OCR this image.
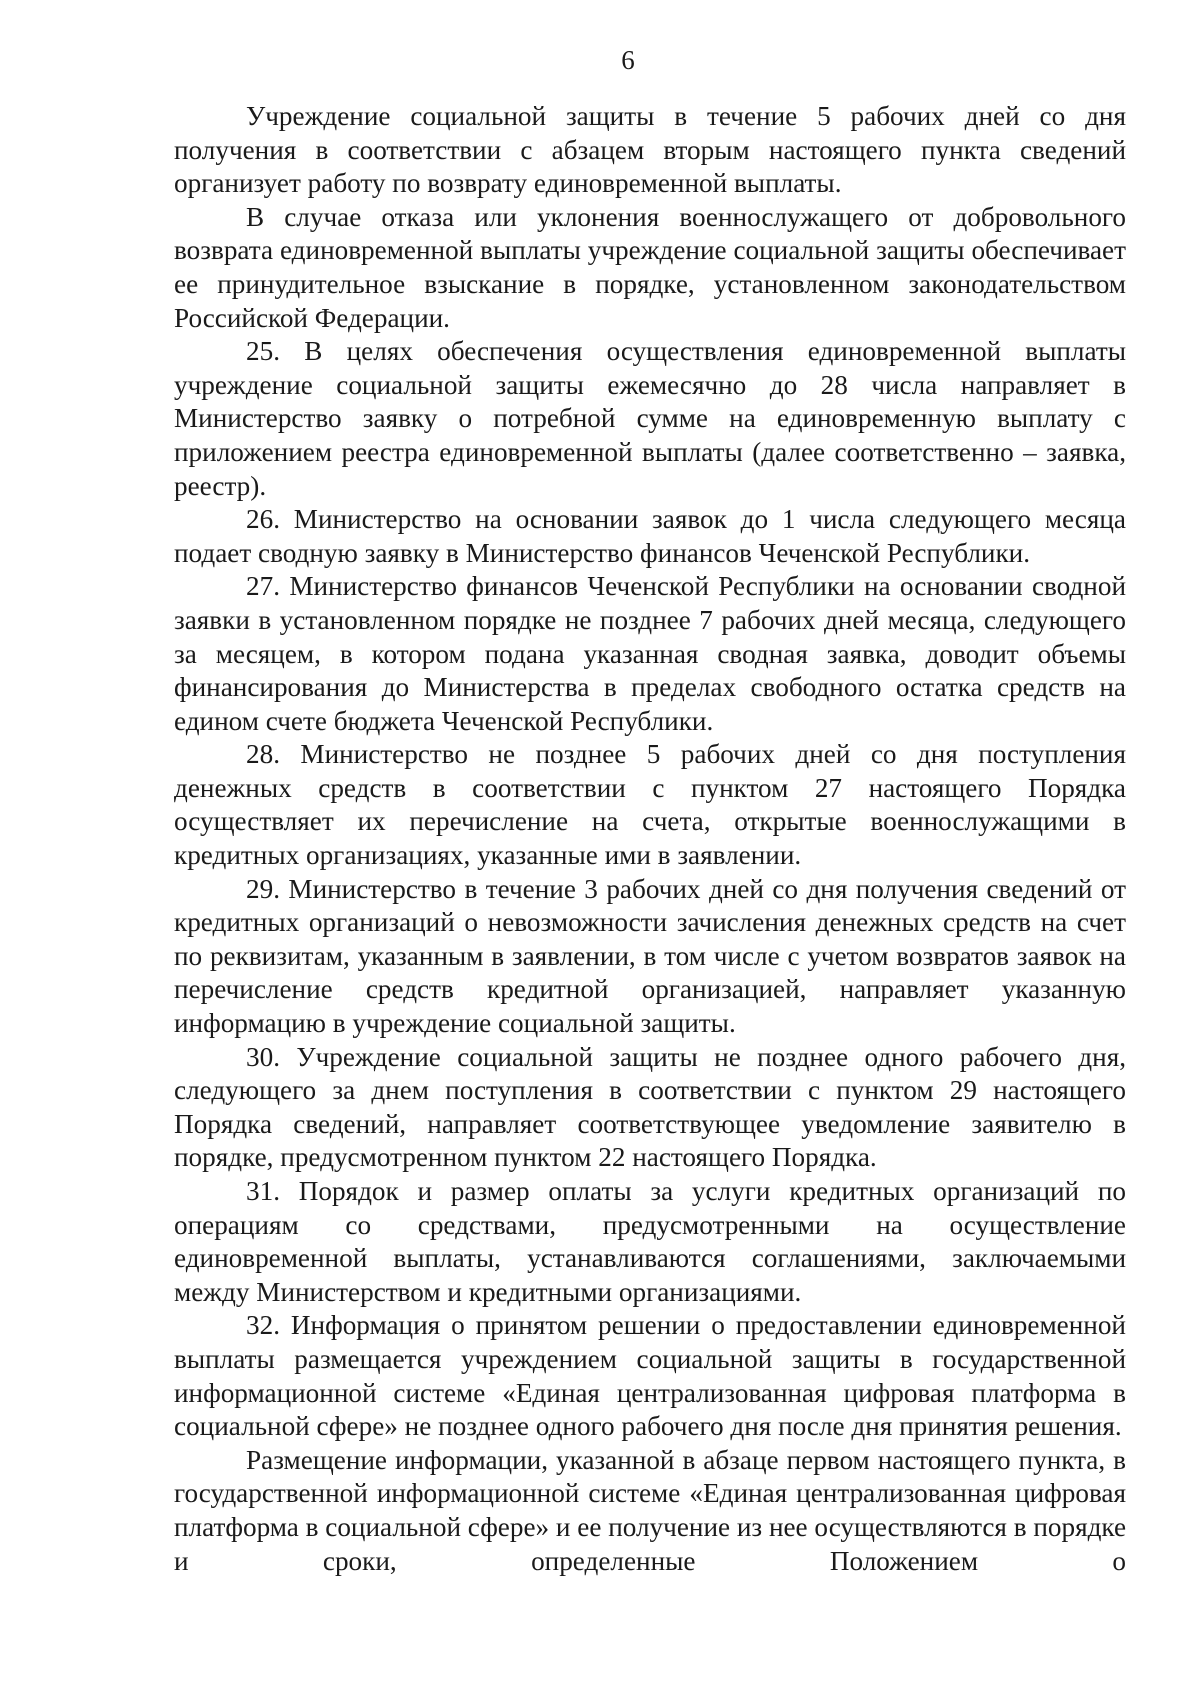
6

Учреждение социальной защиты в течение 5 рабочих дней со дня получения в соответствии с абзацем вторым настоящего пункта сведений организует работу по возврату единовременной выплаты.

В случае отказа или уклонения военнослужащего от добровольного возврата единовременной выплаты учреждение социальной защиты обеспечивает ее принудительное взыскание в порядке, установленном законодательством Российской Федерации.

25. В целях обеспечения осуществления единовременной выплаты учреждение социальной защиты ежемесячно до 28 числа направляет в Министерство заявку о потребной сумме на единовременную выплату с приложением реестра единовременной выплаты (далее соответственно – заявка, реестр).

26. Министерство на основании заявок до 1 числа следующего месяца подает сводную заявку в Министерство финансов Чеченской Республики.

27. Министерство финансов Чеченской Республики на основании сводной заявки в установленном порядке не позднее 7 рабочих дней месяца, следующего за месяцем, в котором подана указанная сводная заявка, доводит объемы финансирования до Министерства в пределах свободного остатка средств на едином счете бюджета Чеченской Республики.

28. Министерство не позднее 5 рабочих дней со дня поступления денежных средств в соответствии с пунктом 27 настоящего Порядка осуществляет их перечисление на счета, открытые военнослужащими в кредитных организациях, указанные ими в заявлении.

29. Министерство в течение 3 рабочих дней со дня получения сведений от кредитных организаций о невозможности зачисления денежных средств на счет по реквизитам, указанным в заявлении, в том числе с учетом возвратов заявок на перечисление средств кредитной организацией, направляет указанную информацию в учреждение социальной защиты.

30. Учреждение социальной защиты не позднее одного рабочего дня, следующего за днем поступления в соответствии с пунктом 29 настоящего Порядка сведений, направляет соответствующее уведомление заявителю в порядке, предусмотренном пунктом 22 настоящего Порядка.

31. Порядок и размер оплаты за услуги кредитных организаций по операциям со средствами, предусмотренными на осуществление единовременной выплаты, устанавливаются соглашениями, заключаемыми между Министерством и кредитными организациями.

32. Информация о принятом решении о предоставлении единовременной выплаты размещается учреждением социальной защиты в государственной информационной системе «Единая централизованная цифровая платформа в социальной сфере» не позднее одного рабочего дня после дня принятия решения.

Размещение информации, указанной в абзаце первом настоящего пункта, в государственной информационной системе «Единая централизованная цифровая платформа в социальной сфере» и ее получение из нее осуществляются в порядке и сроки, определенные Положением о
